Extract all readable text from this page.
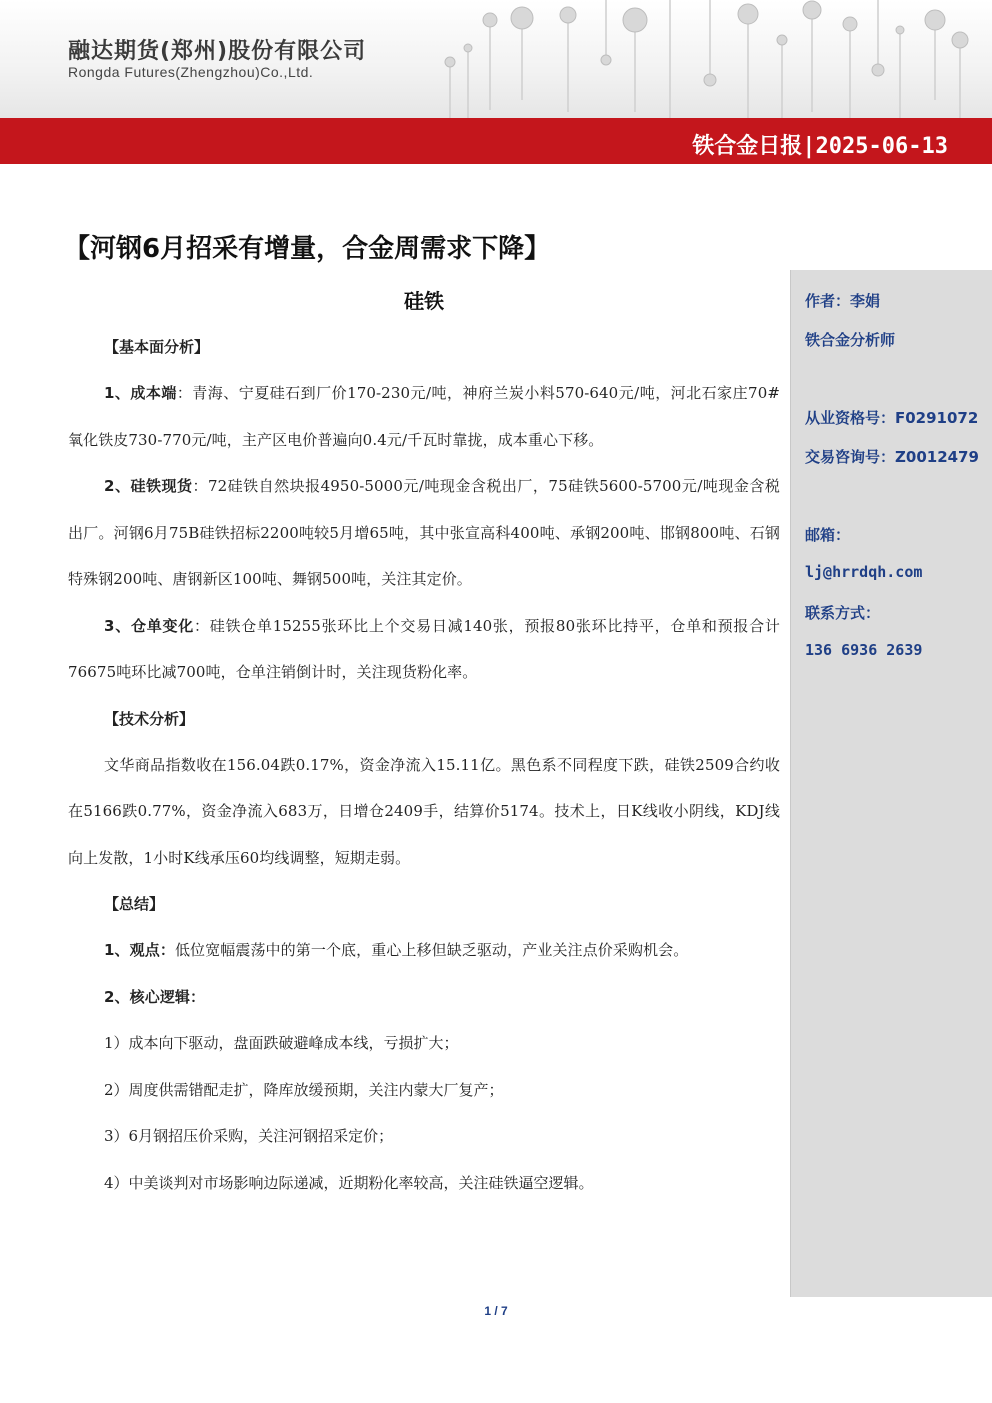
融达期货(郑州)股份有限公司
Rongda Futures(Zhengzhou)Co.,Ltd.
铁合金日报|2025-06-13
【河钢6月招采有增量，合金周需求下降】
硅铁
【基本面分析】

1、成本端：青海、宁夏硅石到厂价170-230元/吨，神府兰炭小料570-640元/吨，河北石家庄70#氧化铁皮730-770元/吨，主产区电价普遍向0.4元/千瓦时靠拢，成本重心下移。

2、硅铁现货：72硅铁自然块报4950-5000元/吨现金含税出厂，75硅铁5600-5700元/吨现金含税出厂。河钢6月75B硅铁招标2200吨较5月增65吨，其中张宣高科400吨、承钢200吨、邯钢800吨、石钢特殊钢200吨、唐钢新区100吨、舞钢500吨，关注其定价。

3、仓单变化：硅铁仓单15255张环比上个交易日减140张，预报80张环比持平，仓单和预报合计76675吨环比减700吨，仓单注销倒计时，关注现货粉化率。

【技术分析】

文华商品指数收在156.04跌0.17%，资金净流入15.11亿。黑色系不同程度下跌，硅铁2509合约收在5166跌0.77%，资金净流入683万，日增仓2409手，结算价5174。技术上，日K线收小阴线，KDJ线向上发散，1小时K线承压60均线调整，短期走弱。

【总结】

1、观点：低位宽幅震荡中的第一个底，重心上移但缺乏驱动，产业关注点价采购机会。

2、核心逻辑：

1）成本向下驱动，盘面跌破避峰成本线，亏损扩大；

2）周度供需错配走扩，降库放缓预期，关注内蒙大厂复产；

3）6月钢招压价采购，关注河钢招采定价；

4）中美谈判对市场影响边际递减，近期粉化率较高，关注硅铁逼空逻辑。

作者：李娟
铁合金分析师
从业资格号：F0291072
交易咨询号：Z0012479
邮箱：
lj@hrrdqh.com
联系方式：
136 6936 2639
1 / 7
